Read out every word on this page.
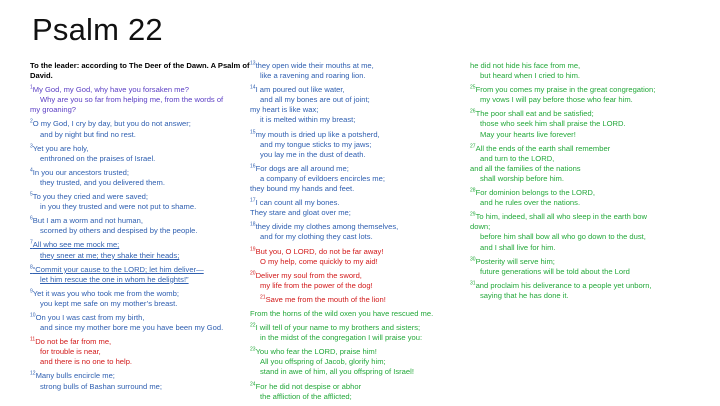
Psalm 22
To the leader: according to The Deer of the Dawn. A Psalm of David.
$^1$My God, my God, why have you forsaken me?
Why are you so far from helping me, from the words of
my groaning?
$^2$O my God, I cry by day, but you do not answer;
and by night but find no rest.
$^3$Yet you are holy,
enthroned on the praises of Israel.
$^4$In you our ancestors trusted;
they trusted, and you delivered them.
$^5$To you they cried and were saved;
in you they trusted and were not put to shame.
$^6$But I am a worm and not human,
scorned by others and despised by the people.
$^7$All who see me mock me;
they sneer at me; they shake their heads;
$^8$“Commit your cause to the LORD; let him deliver—
let him rescue the one in whom he delights!”
$^9$Yet it was you who took me from the womb;
you kept me safe on my mother’s breast.
$^{10}$On you I was cast from my birth,
and since my mother bore me you have been my God.
$^{11}$Do not be far from me,
for trouble is near,
and there is no one to help.
$^{12}$Many bulls encircle me;
strong bulls of Bashan surround me;
$^{13}$they open wide their mouths at me,
like a ravening and roaring lion.
$^{14}$I am poured out like water,
and all my bones are out of joint;
my heart is like wax;
it is melted within my breast;
$^{15}$my mouth is dried up like a potsherd,
and my tongue sticks to my jaws;
you lay me in the dust of death.
$^{16}$For dogs are all around me;
a company of evildoers encircles me;
they bound my hands and feet.
$^{17}$I can count all my bones.
They stare and gloat over me;
$^{18}$they divide my clothes among themselves,
and for my clothing they cast lots.
$^{19}$But you, O LORD, do not be far away!
O my help, come quickly to my aid!
$^{20}$Deliver my soul from the sword,
my life from the power of the dog!
$^{21}$Save me from the mouth of the lion!
From the horns of the wild oxen you have rescued me.
$^{22}$I will tell of your name to my brothers and sisters;
in the midst of the congregation I will praise you:
$^{23}$You who fear the LORD, praise him!
All you offspring of Jacob, glorify him;
stand in awe of him, all you offspring of Israel!
$^{24}$For he did not despise or abhor
the affliction of the afflicted;
he did not hide his face from me,
but heard when I cried to him.
$^{25}$From you comes my praise in the great congregation;
my vows I will pay before those who fear him.
$^{26}$The poor shall eat and be satisfied;
those who seek him shall praise the LORD.
May your hearts live forever!
$^{27}$All the ends of the earth shall remember
and turn to the LORD,
and all the families of the nations
shall worship before him.
$^{28}$For dominion belongs to the LORD,
and he rules over the nations.
$^{29}$To him, indeed, shall all who sleep in the earth bow
down;
before him shall bow all who go down to the dust,
and I shall live for him.
$^{30}$Posterity will serve him;
future generations will be told about the Lord
$^{31}$and proclaim his deliverance to a people yet unborn,
saying that he has done it.
